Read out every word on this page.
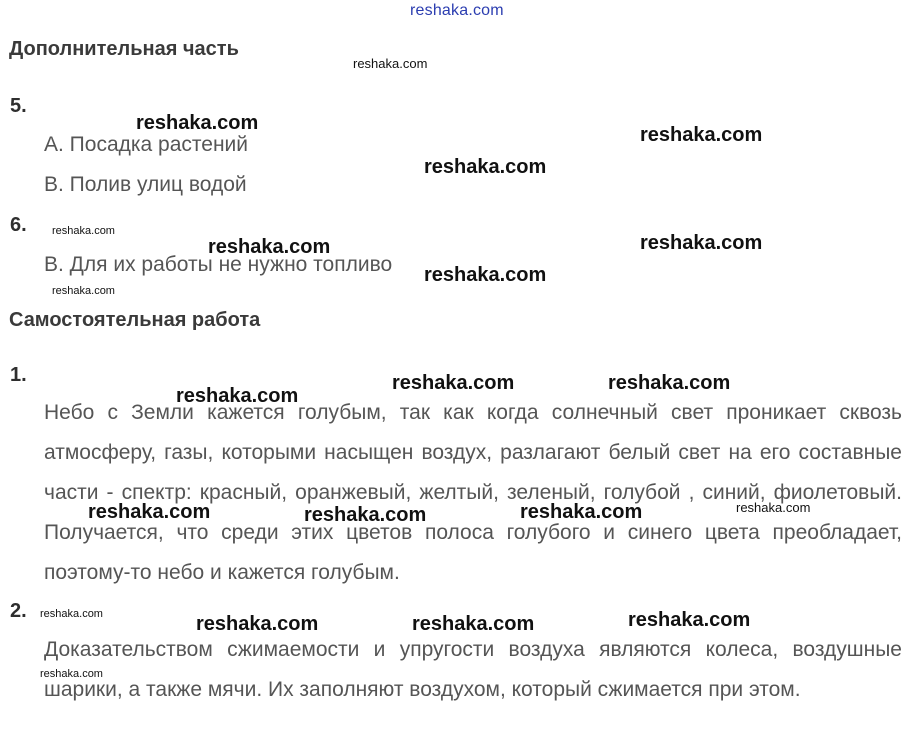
reshaka.com
Дополнительная часть
5.
А. Посадка растений
В. Полив улиц водой
6.
В. Для их работы не нужно топливо
Самостоятельная работа
1.
Небо с Земли кажется голубым, так как когда солнечный свет проникает сквозь атмосферу, газы, которыми насыщен воздух, разлагают белый свет на его составные части - спектр: красный, оранжевый, желтый, зеленый, голубой , синий, фиолетовый. Получается, что среди этих цветов полоса голубого и синего цвета преобладает, поэтому-то небо и кажется голубым.
2.
Доказательством сжимаемости и упругости воздуха являются колеса, воздушные шарики, а также мячи. Их заполняют воздухом, который сжимается при этом.
reshaka.com
reshaka.com
reshaka.com
reshaka.com
reshaka.com
reshaka.com	reshaka.com
reshaka.com
reshaka.com
reshaka.com
reshaka.com	reshaka.com
reshaka.com	reshaka.com	reshaka.com	reshaka.com
reshaka.com	reshaka.com	reshaka.com	reshaka.com
reshaka.com
